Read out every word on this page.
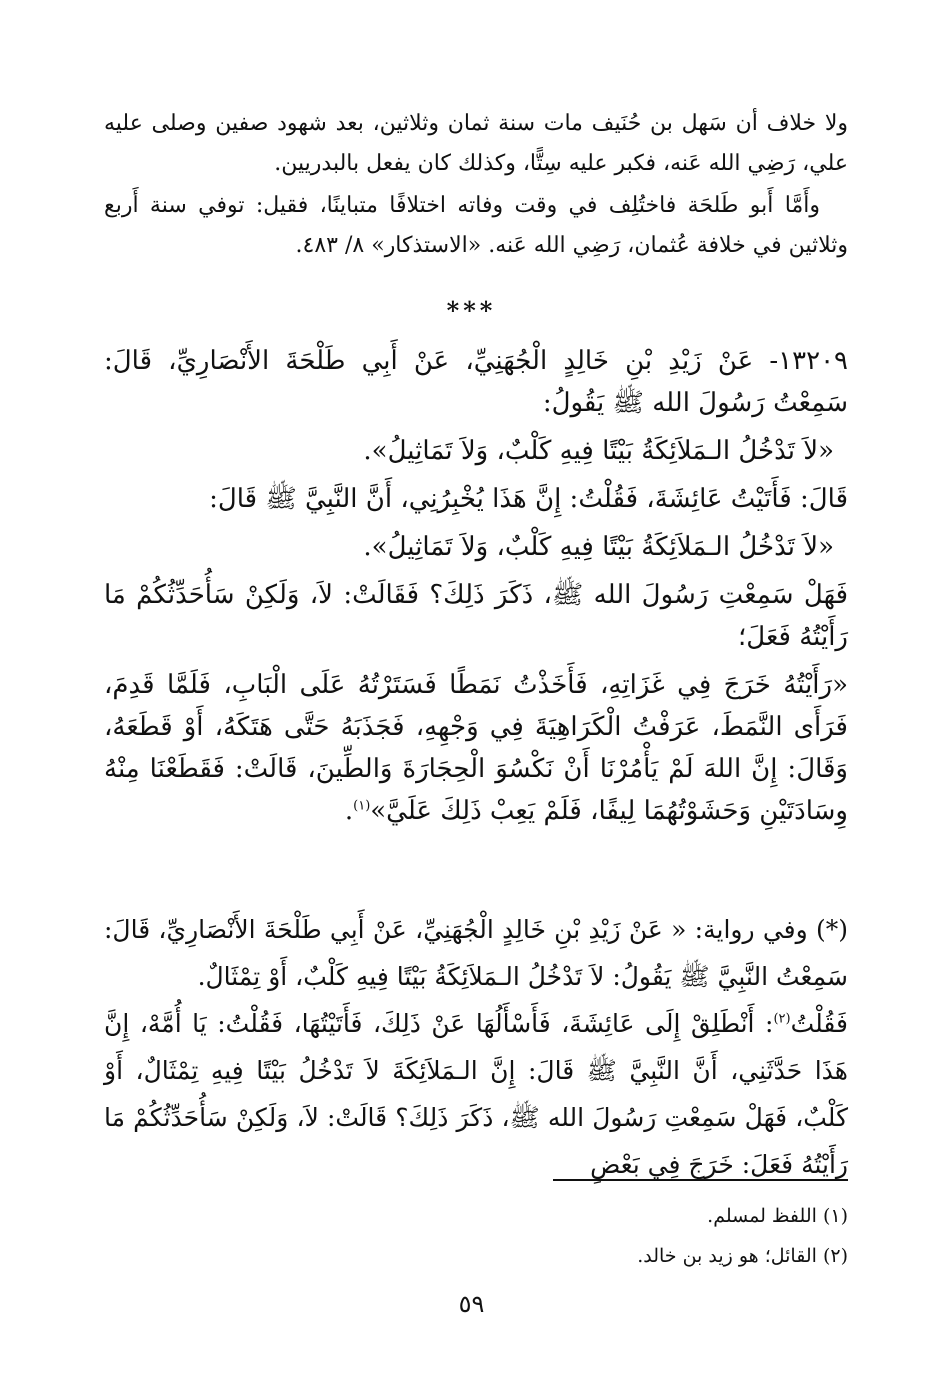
ولا خلاف أن سَهل بن حُنَيف مات سنة ثمان وثلاثين، بعد شهود صفين وصلى عليه علي، رَضِي الله عَنه، فكبر عليه سِتًّا، وكذلك كان يفعل بالبدريين.
وأَمَّا أَبو طَلحَة فاختُلِف في وقت وفاته اختلافًا متباينًا، فقيل: توفي سنة أَربع وثلاثين في خلافة عُثمان، رَضِي الله عَنه. «الاستذكار» ٨/ ٤٨٣.
***
١٣٢٠٩- عَنْ زَيْدِ بْنِ خَالِدٍ الْجُهَنِيِّ، عَنْ أَبِي طَلْحَةَ الأَنْصَارِيِّ، قَالَ: سَمِعْتُ رَسُولَ الله ﷺ يَقُولُ:
«لاَ تَدْخُلُ الـمَلاَئِكَةُ بَيْتًا فِيهِ كَلْبٌ، وَلاَ تَمَاثِيلُ».
قَالَ: فَأَتَيْتُ عَائِشَةَ، فَقُلْتُ: إِنَّ هَذَا يُخْبِرُنِي، أَنَّ النَّبِيَّ ﷺ قَالَ:
«لاَ تَدْخُلُ الـمَلاَئِكَةُ بَيْتًا فِيهِ كَلْبٌ، وَلاَ تَمَاثِيلُ».
فَهَلْ سَمِعْتِ رَسُولَ الله ﷺ، ذَكَرَ ذَلِكَ؟ فَقَالَتْ: لاَ، وَلَكِنْ سَأُحَدِّثُكُمْ مَا رَأَيْتُهُ فَعَلَ؛
«رَأَيْتُهُ خَرَجَ فِي غَزَاتِهِ، فَأَخَذْتُ نَمَطًا فَسَتَرْتُهُ عَلَى الْبَابِ، فَلَمَّا قَدِمَ، فَرَأَى النَّمَطَ، عَرَفْتُ الْكَرَاهِيَةَ فِي وَجْهِهِ، فَجَذَبَهُ حَتَّى هَتَكَهُ، أَوْ قَطَعَهُ، وَقَالَ: إِنَّ اللهَ لَمْ يَأْمُرْنَا أَنْ نَكْسُوَ الْحِجَارَةَ وَالطِّينَ، قَالَتْ: فَقَطَعْنَا مِنْهُ وِسَادَتَيْنِ وَحَشَوْتُهُمَا لِيفًا، فَلَمْ يَعِبْ ذَلِكَ عَلَيَّ»$^{(١)}$.
(*) وفي رواية: « عَنْ زَيْدِ بْنِ خَالِدٍ الْجُهَنِيِّ، عَنْ أَبِي طَلْحَةَ الأَنْصَارِيِّ، قَالَ: سَمِعْتُ النَّبِيَّ ﷺ يَقُولُ: لاَ تَدْخُلُ الـمَلاَئِكَةُ بَيْتًا فِيهِ كَلْبٌ، أَوْ تِمْثَالٌ.
فَقُلْتُ$^{(٢)}$: أَنْطَلِقْ إِلَى عَائِشَةَ، فَأَسْأَلُهَا عَنْ ذَلِكَ، فَأَتَيْتُهَا، فَقُلْتُ: يَا أُمَّهْ، إِنَّ هَذَا حَدَّثَنِي، أَنَّ النَّبِيَّ ﷺ قَالَ: إِنَّ الـمَلاَئِكَةَ لاَ تَدْخُلُ بَيْتًا فِيهِ تِمْثَالٌ، أَوْ كَلْبٌ، فَهَلْ سَمِعْتِ رَسُولَ الله ﷺ، ذَكَرَ ذَلِكَ؟ قَالَتْ: لاَ، وَلَكِنْ سَأُحَدِّثُكُمْ مَا رَأَيْتُهُ فَعَلَ: خَرَجَ فِي بَعْضِ
(١) اللفظ لمسلم.
(٢) القائل؛ هو زيد بن خالد.
٥٩
